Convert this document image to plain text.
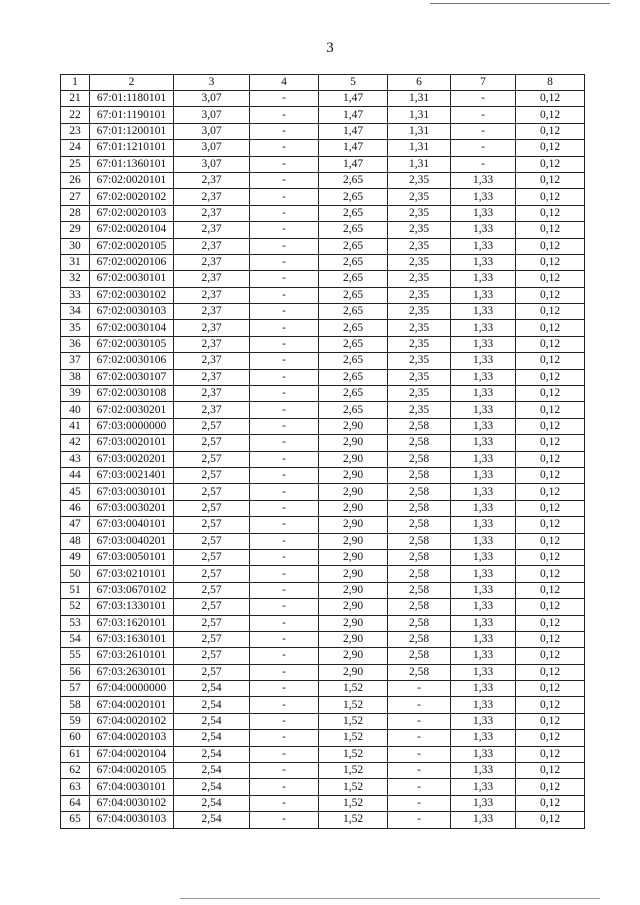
3
1	2	3	4	5	6	7	8
21	67:01:1180101	3,07	-	1,47	1,31	-	0,12
22	67:01:1190101	3,07	-	1,47	1,31	-	0,12
23	67:01:1200101	3,07	-	1,47	1,31	-	0,12
24	67:01:1210101	3,07	-	1,47	1,31	-	0,12
25	67:01:1360101	3,07	-	1,47	1,31	-	0,12
26	67:02:0020101	2,37	-	2,65	2,35	1,33	0,12
27	67:02:0020102	2,37	-	2,65	2,35	1,33	0,12
28	67:02:0020103	2,37	-	2,65	2,35	1,33	0,12
29	67:02:0020104	2,37	-	2,65	2,35	1,33	0,12
30	67:02:0020105	2,37	-	2,65	2,35	1,33	0,12
31	67:02:0020106	2,37	-	2,65	2,35	1,33	0,12
32	67:02:0030101	2,37	-	2,65	2,35	1,33	0,12
33	67:02:0030102	2,37	-	2,65	2,35	1,33	0,12
34	67:02:0030103	2,37	-	2,65	2,35	1,33	0,12
35	67:02:0030104	2,37	-	2,65	2,35	1,33	0,12
36	67:02:0030105	2,37	-	2,65	2,35	1,33	0,12
37	67:02:0030106	2,37	-	2,65	2,35	1,33	0,12
38	67:02:0030107	2,37	-	2,65	2,35	1,33	0,12
39	67:02:0030108	2,37	-	2,65	2,35	1,33	0,12
40	67:02:0030201	2,37	-	2,65	2,35	1,33	0,12
41	67:03:0000000	2,57	-	2,90	2,58	1,33	0,12
42	67:03:0020101	2,57	-	2,90	2,58	1,33	0,12
43	67:03:0020201	2,57	-	2,90	2,58	1,33	0,12
44	67:03:0021401	2,57	-	2,90	2,58	1,33	0,12
45	67:03:0030101	2,57	-	2,90	2,58	1,33	0,12
46	67:03:0030201	2,57	-	2,90	2,58	1,33	0,12
47	67:03:0040101	2,57	-	2,90	2,58	1,33	0,12
48	67:03:0040201	2,57	-	2,90	2,58	1,33	0,12
49	67:03:0050101	2,57	-	2,90	2,58	1,33	0,12
50	67:03:0210101	2,57	-	2,90	2,58	1,33	0,12
51	67:03:0670102	2,57	-	2,90	2,58	1,33	0,12
52	67:03:1330101	2,57	-	2,90	2,58	1,33	0,12
53	67:03:1620101	2,57	-	2,90	2,58	1,33	0,12
54	67:03:1630101	2,57	-	2,90	2,58	1,33	0,12
55	67:03:2610101	2,57	-	2,90	2,58	1,33	0,12
56	67:03:2630101	2,57	-	2,90	2,58	1,33	0,12
57	67:04:0000000	2,54	-	1,52	-	1,33	0,12
58	67:04:0020101	2,54	-	1,52	-	1,33	0,12
59	67:04:0020102	2,54	-	1,52	-	1,33	0,12
60	67:04:0020103	2,54	-	1,52	-	1,33	0,12
61	67:04:0020104	2,54	-	1,52	-	1,33	0,12
62	67:04:0020105	2,54	-	1,52	-	1,33	0,12
63	67:04:0030101	2,54	-	1,52	-	1,33	0,12
64	67:04:0030102	2,54	-	1,52	-	1,33	0,12
65	67:04:0030103	2,54	-	1,52	-	1,33	0,12
